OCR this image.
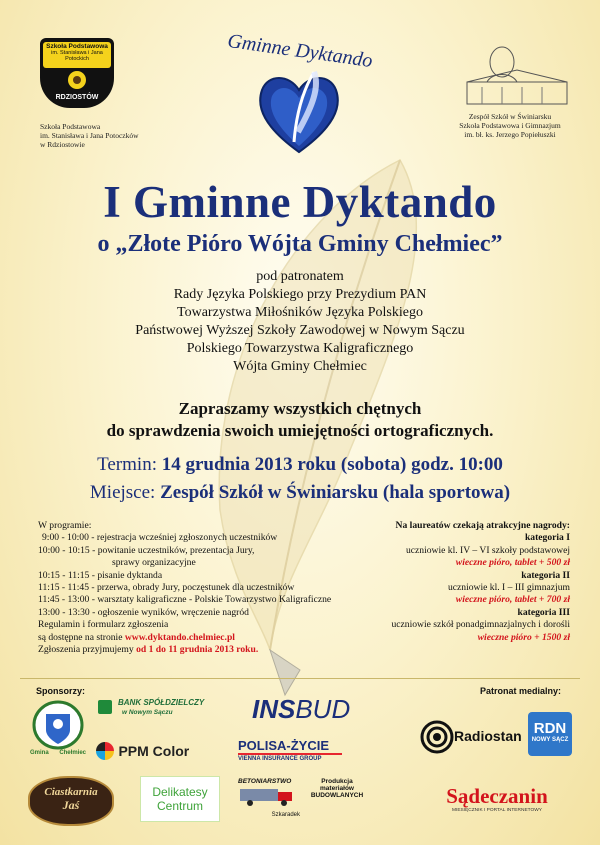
Szkoła Podstawowa
im. Stanisława i Jana
Potockich
RDZIOSTÓW
Szkoła Podstawowa
im. Stanisława i Jana Potoczków
w Rdziostowie
Gminne Dyktando
Zespół Szkół w Świniarsku
Szkoła Podstawowa i Gimnazjum
im. bł. ks. Jerzego Popiełuszki
I Gminne Dyktando
o „Złote Pióro Wójta Gminy Chełmiec”
pod patronatem
Rady Języka Polskiego przy Prezydium PAN
Towarzystwa Miłośników Języka Polskiego
Państwowej Wyższej Szkoły Zawodowej w Nowym Sączu
Polskiego Towarzystwa Kaligraficznego
Wójta Gminy Chełmiec
Zapraszamy wszystkich chętnych
do sprawdzenia swoich umiejętności ortograficznych.
Termin: 14 grudnia 2013 roku (sobota) godz. 10:00
Miejsce: Zespół Szkół w Świniarsku (hala sportowa)
W programie:
9:00 - 10:00 - rejestracja wcześniej zgłoszonych uczestników
10:00 - 10:15 - powitanie uczestników, prezentacja Jury,
sprawy organizacyjne
10:15 - 11:15 - pisanie dyktanda
11:15 - 11:45 - przerwa, obrady Jury, poczęstunek dla uczestników
11:45 - 13:00 - warsztaty kaligraficzne - Polskie Towarzystwo Kaligraficzne
13:00 - 13:30 - ogłoszenie wyników, wręczenie nagród
Regulamin i formularz zgłoszenia
są dostępne na stronie www.dyktando.chelmiec.pl
Zgłoszenia przyjmujemy od 1 do 11 grudnia 2013 roku.
Na laureatów czekają atrakcyjne nagrody:
kategoria I
uczniowie kl. IV – VI szkoły podstawowej
wieczne pióro, tablet + 500 zł
kategoria II
uczniowie kl. I – III gimnazjum
wieczne pióro, tablet + 700 zł
kategoria III
uczniowie szkół ponadgimnazjalnych i dorośli
wieczne pióro + 1500 zł
Sponsorzy:
Gmina Chełmiec
BANK SPÓŁDZIELCZY
w Nowym Sączu	INSBUD
PPM Color	POLISA-ŻYCIE
VIENNA INSURANCE GROUP
Ciastkarnia
Jaś
Delikatesy
Centrum
BETONIARSTWO
Szkaradek
Produkcja materiałów
BUDOWLANYCH
Patronat medialny:
Radiostan RDN
NOWY SĄCZ
Sądeczanin
MIESIĘCZNIK I PORTAL INTERNETOWY
